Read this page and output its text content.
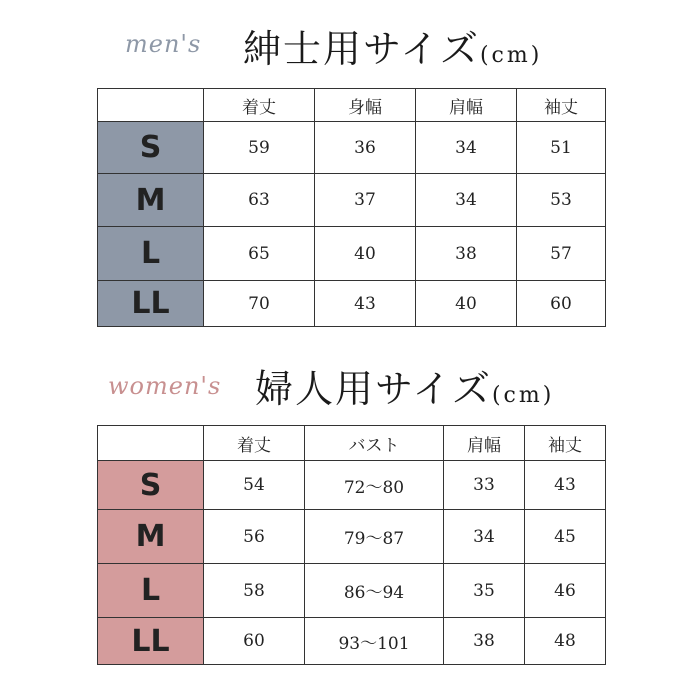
men's 紳士用サイズ(cm)
	着丈	身幅	肩幅	袖丈
S	59	36	34	51
M	63	37	34	53
L	65	40	38	57
LL	70	43	40	60
women's 婦人用サイズ(cm)
	着丈	バスト	肩幅	袖丈
S	54	72～80	33	43
M	56	79～87	34	45
L	58	86～94	35	46
LL	60	93～101	38	48
